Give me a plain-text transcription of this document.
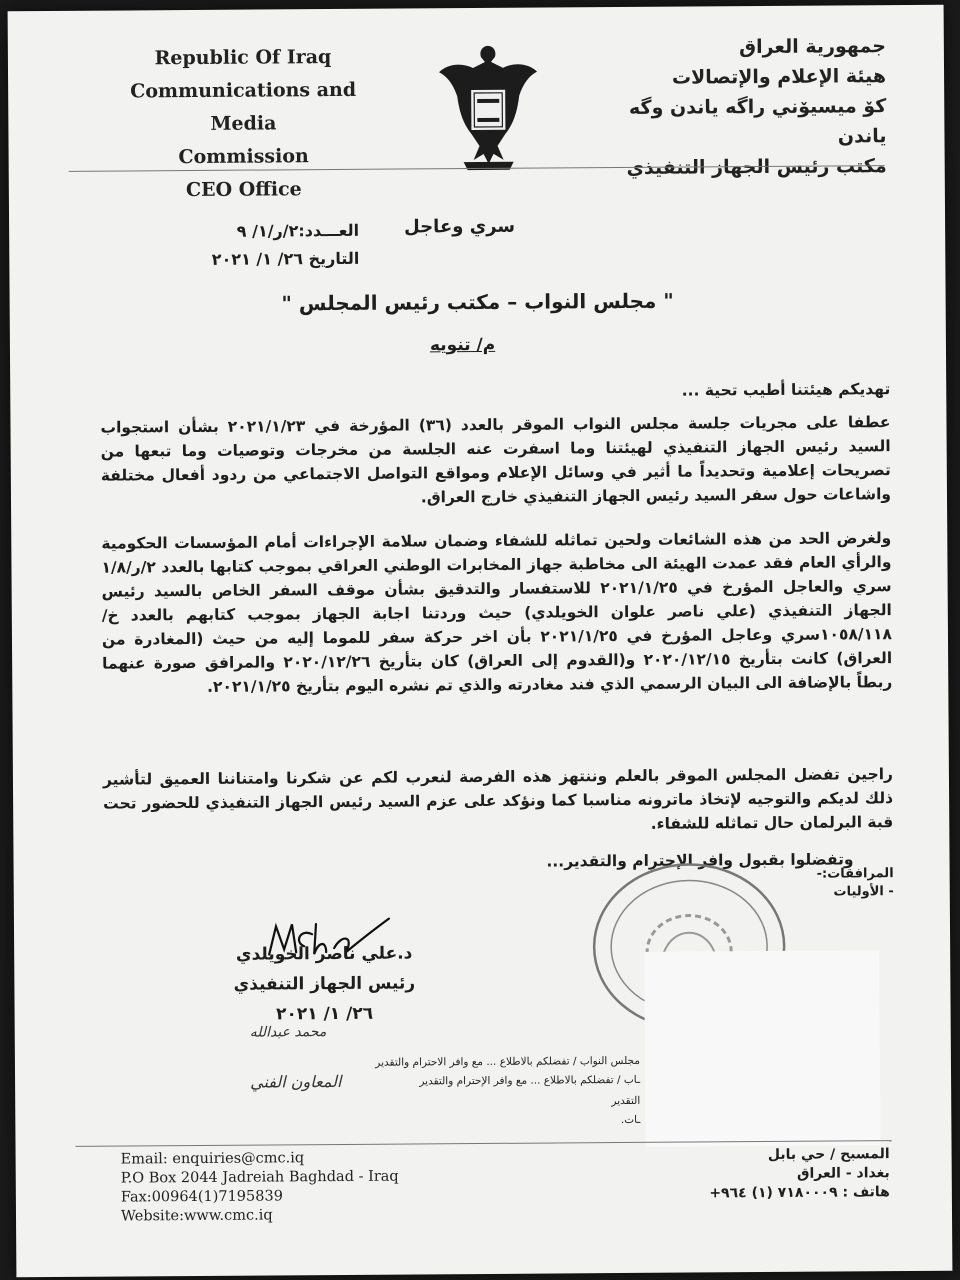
Republic Of Iraq
Communications and Media
Commission
CEO Office
جمهورية العراق
هيئة الإعلام والإتصالات
كۆ ميسيۆني راگه ياندن وگه ياندن
مكتب رئيس الجهاز التنفيذي
سري وعاجل
العـــدد:٢/ر/١/ ٩
التاريخ ٢٦/ ١/ ٢٠٢١
" مجلس النواب – مكتب رئيس المجلس "
م/ تنويه
تهديكم هيئتنا أطيب تحية ...
عطفا على مجريات جلسة مجلس النواب الموقر بالعدد (٣٦) المؤرخة في ٢٠٢١/١/٢٣ بشأن استجواب السيد رئيس الجهاز التنفيذي لهيئتنا وما اسفرت عنه الجلسة من مخرجات وتوصيات وما تبعها من تصريحات إعلامية وتحديداً ما أثير في وسائل الإعلام ومواقع التواصل الاجتماعي من ردود أفعال مختلفة واشاعات حول سفر السيد رئيس الجهاز التنفيذي خارج العراق.
ولغرض الحد من هذه الشائعات ولحين تماثله للشفاء وضمان سلامة الإجراءات أمام المؤسسات الحكومية والرأي العام فقد عمدت الهيئة الى مخاطبة جهاز المخابرات الوطني العراقي بموجب كتابها بالعدد ٢/ر/١/٨ سري والعاجل المؤرخ في ٢٠٢١/١/٢٥ للاستفسار والتدقيق بشأن موقف السفر الخاص بالسيد رئيس الجهاز التنفيذي (علي ناصر علوان الخويلدي) حيث وردتنا اجابة الجهاز بموجب كتابهم بالعدد خ/١٠٥٨/١١٨سري وعاجل المؤرخ في ٢٠٢١/١/٢٥ بأن اخر حركة سفر للموما إليه من حيث (المغادرة من العراق) كانت بتأريخ ٢٠٢٠/١٢/١٥ و(القدوم إلى العراق) كان بتأريخ ٢٠٢٠/١٢/٢٦ والمرافق صورة عنهما ربطاً بالإضافة الى البيان الرسمي الذي فند مغادرته والذي تم نشره اليوم بتأريخ ٢٠٢١/١/٢٥.
راجين تفضل المجلس الموقر بالعلم وننتهز هذه الفرصة لنعرب لكم عن شكرنا وامتناننا العميق لتأشير ذلك لديكم والتوجيه لإتخاذ ماترونه مناسبا كما ونؤكد على عزم السيد رئيس الجهاز التنفيذي للحضور تحت قبة البرلمان حال تماثله للشفاء.
وتفضلوا بقبول وافر الإحترام والتقدير...
المرافقات:-
- الأوليات
د.علي ناصر الخويلدي
رئيس الجهاز التنفيذي
٢٦/ ١/ ٢٠٢١
محمد عبدالله
المعاون الفني
مجلس النواب / تفضلكم بالاطلاع ... مع وافر الاحترام والتقدير
ـاب / تفضلكم بالاطلاع ... مع وافر الإحترام والتقدير
التقدير
ـات.
Email: enquiries@cmc.iq
P.O Box 2044 Jadreiah Baghdad - Iraq
Fax:00964(1)7195839
Website:www.cmc.iq
المسبح / حي بابل
بغداد - العراق
هاتف : ٧١٨٠٠٠٩ (١) ٩٦٤+
